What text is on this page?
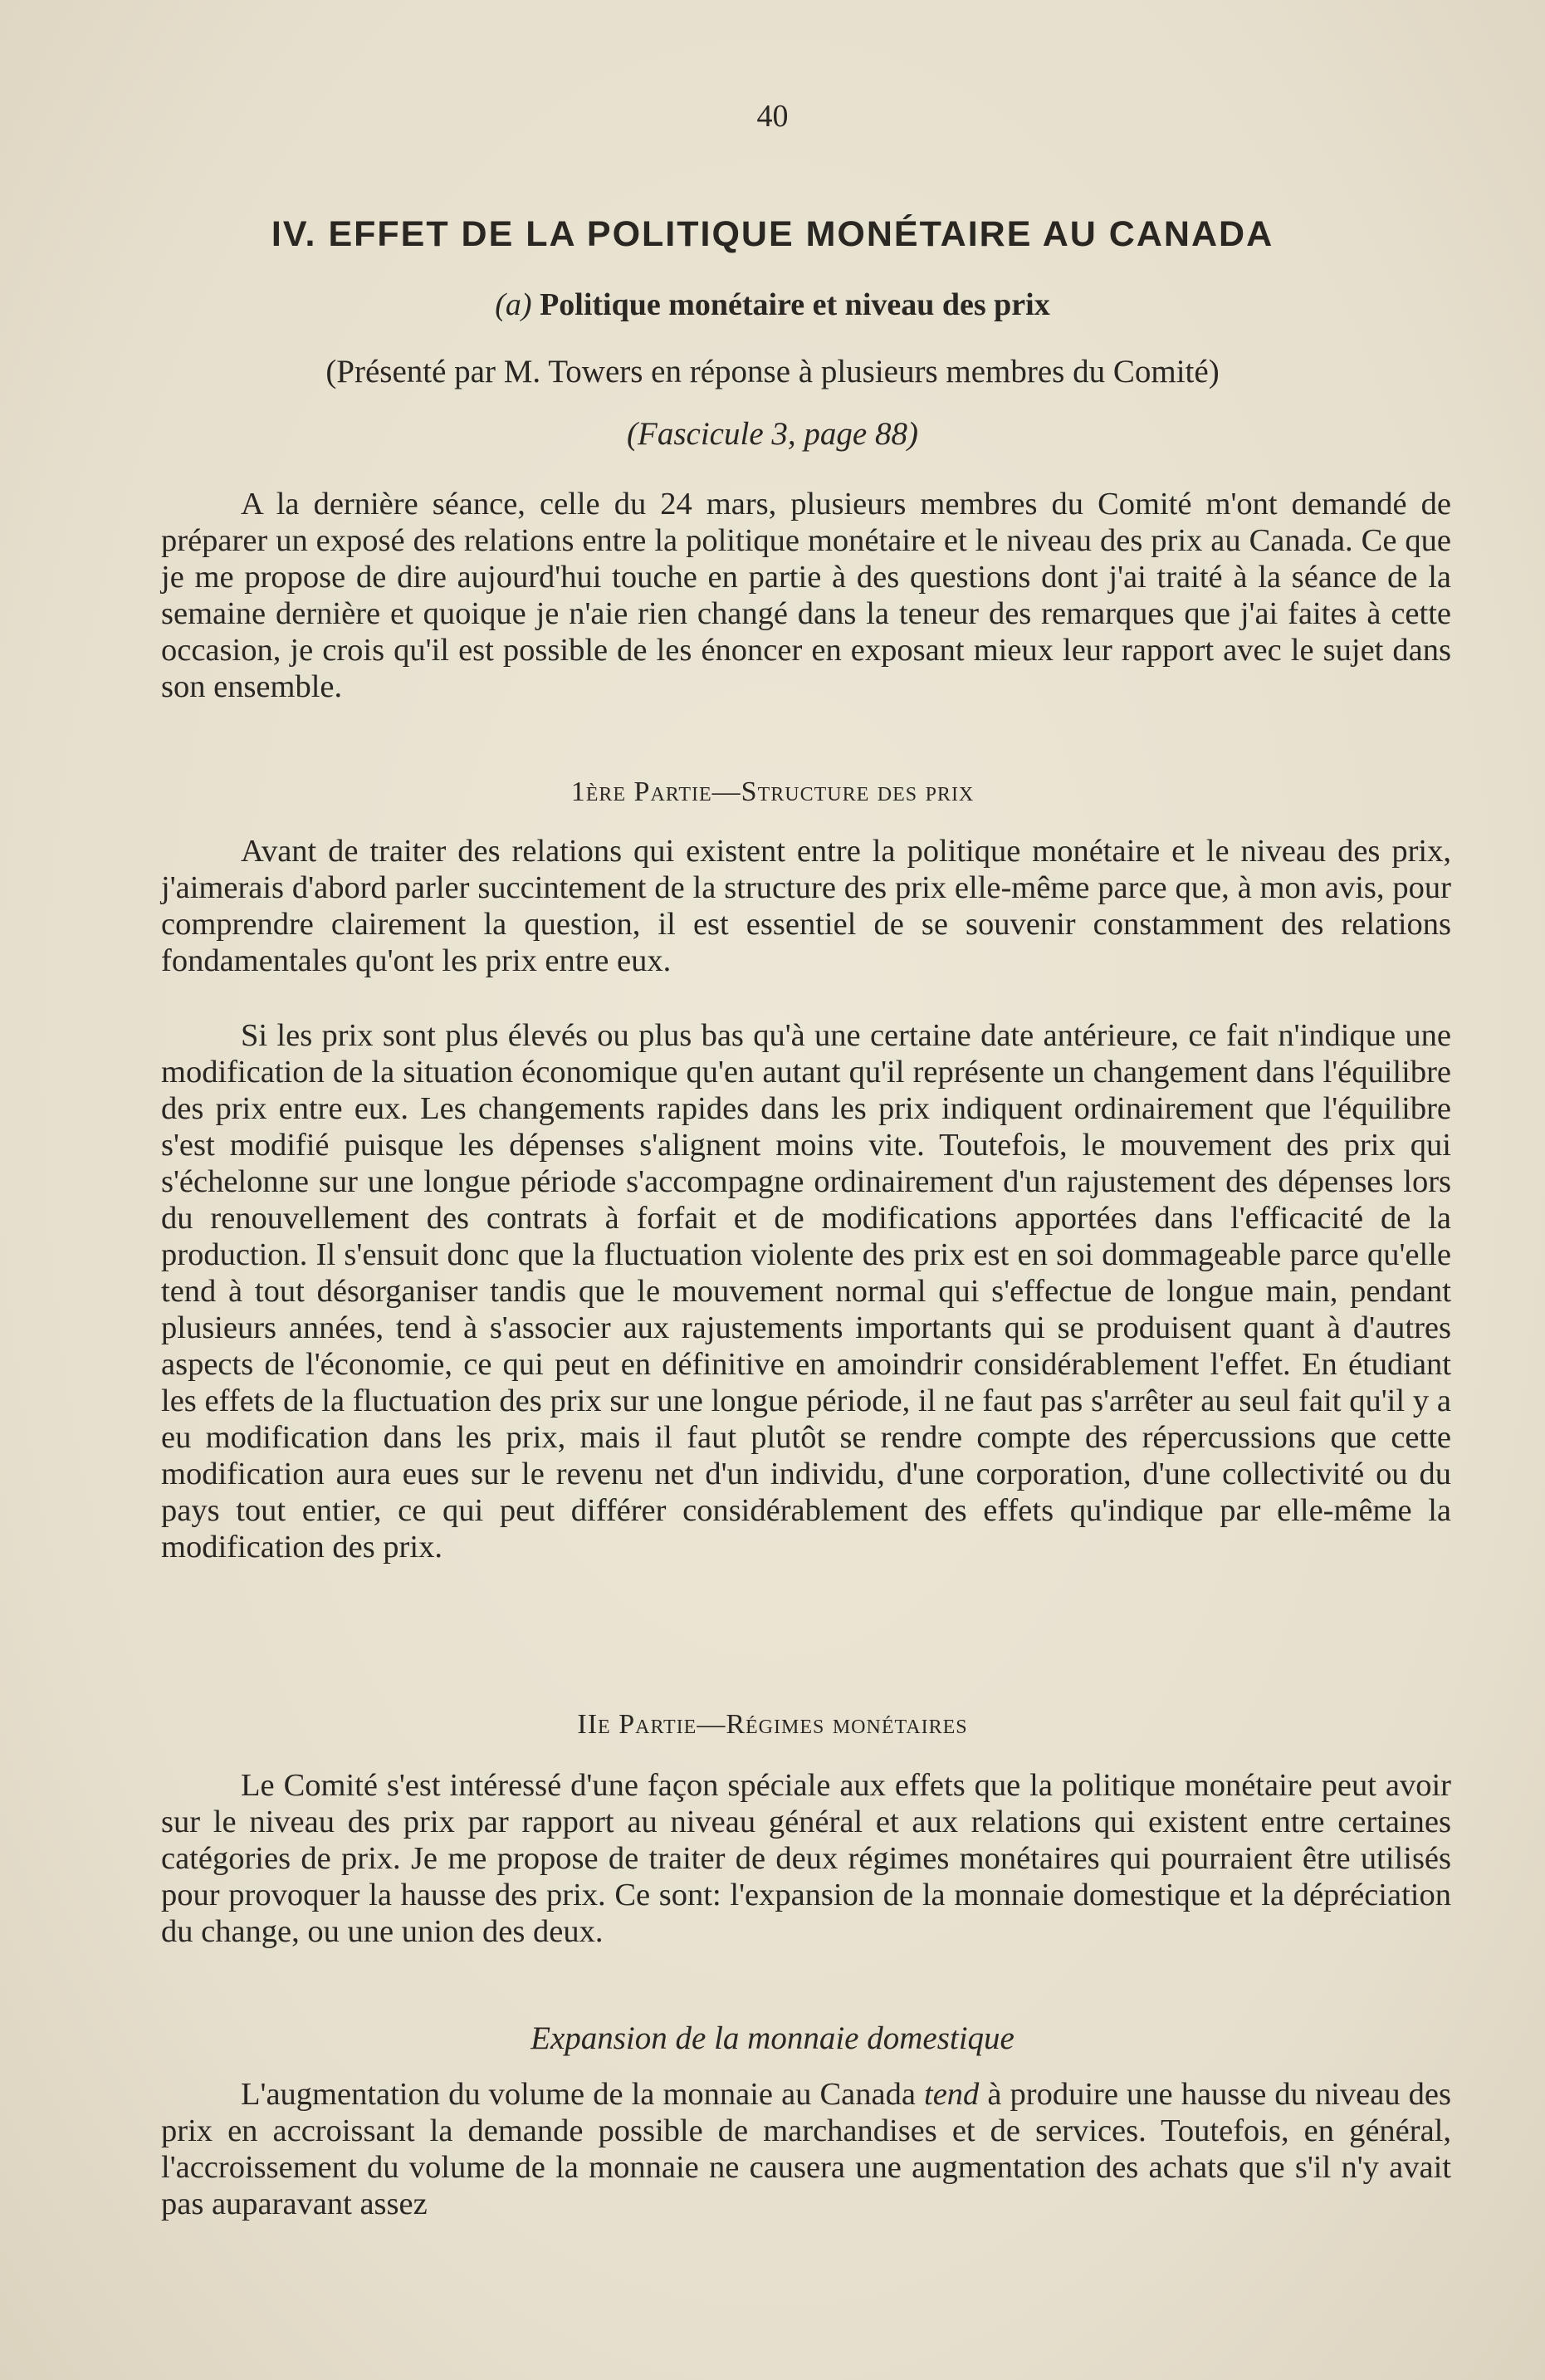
40
IV. EFFET DE LA POLITIQUE MONÉTAIRE AU CANADA
(a) Politique monétaire et niveau des prix
(Présenté par M. Towers en réponse à plusieurs membres du Comité)
(Fascicule 3, page 88)

A la dernière séance, celle du 24 mars, plusieurs membres du Comité m'ont demandé de préparer un exposé des relations entre la politique monétaire et le niveau des prix au Canada. Ce que je me propose de dire aujourd'hui touche en partie à des questions dont j'ai traité à la séance de la semaine dernière et quoique je n'aie rien changé dans la teneur des remarques que j'ai faites à cette occasion, je crois qu'il est possible de les énoncer en exposant mieux leur rapport avec le sujet dans son ensemble.

1ère Partie—Structure des prix

Avant de traiter des relations qui existent entre la politique monétaire et le niveau des prix, j'aimerais d'abord parler succintement de la structure des prix elle-même parce que, à mon avis, pour comprendre clairement la question, il est essentiel de se souvenir constamment des relations fondamentales qu'ont les prix entre eux.

Si les prix sont plus élevés ou plus bas qu'à une certaine date antérieure, ce fait n'indique une modification de la situation économique qu'en autant qu'il représente un changement dans l'équilibre des prix entre eux. Les changements rapides dans les prix indiquent ordinairement que l'équilibre s'est modifié puisque les dépenses s'alignent moins vite. Toutefois, le mouvement des prix qui s'échelonne sur une longue période s'accompagne ordinairement d'un rajustement des dépenses lors du renouvellement des contrats à forfait et de modifications apportées dans l'efficacité de la production. Il s'ensuit donc que la fluctuation violente des prix est en soi dommageable parce qu'elle tend à tout désorganiser tandis que le mouvement normal qui s'effectue de longue main, pendant plusieurs années, tend à s'associer aux rajustements importants qui se produisent quant à d'autres aspects de l'économie, ce qui peut en définitive en amoindrir considérablement l'effet. En étudiant les effets de la fluctuation des prix sur une longue période, il ne faut pas s'arrêter au seul fait qu'il y a eu modification dans les prix, mais il faut plutôt se rendre compte des répercussions que cette modification aura eues sur le revenu net d'un individu, d'une corporation, d'une collectivité ou du pays tout entier, ce qui peut différer considérablement des effets qu'indique par elle-même la modification des prix.

IIe Partie—Régimes monétaires

Le Comité s'est intéressé d'une façon spéciale aux effets que la politique monétaire peut avoir sur le niveau des prix par rapport au niveau général et aux relations qui existent entre certaines catégories de prix. Je me propose de traiter de deux régimes monétaires qui pourraient être utilisés pour provoquer la hausse des prix. Ce sont: l'expansion de la monnaie domestique et la dépréciation du change, ou une union des deux.

Expansion de la monnaie domestique

L'augmentation du volume de la monnaie au Canada tend à produire une hausse du niveau des prix en accroissant la demande possible de marchandises et de services. Toutefois, en général, l'accroissement du volume de la monnaie ne causera une augmentation des achats que s'il n'y avait pas auparavant assez
